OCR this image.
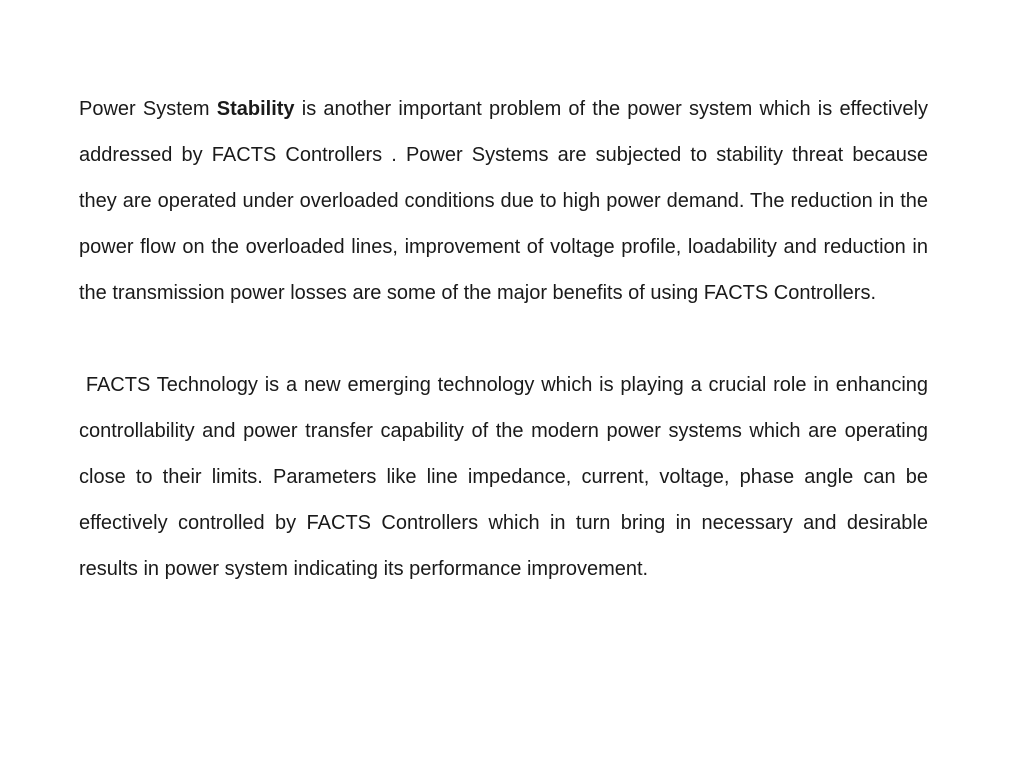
Power System Stability is another important problem of the power system which is effectively addressed by FACTS Controllers . Power Systems are subjected to stability threat because they are operated under overloaded conditions due to high power demand. The reduction in the power flow on the overloaded lines, improvement of voltage profile, loadability and reduction in the transmission power losses are some of the major benefits of using FACTS Controllers.

FACTS Technology is a new emerging technology which is playing a crucial role in enhancing controllability and power transfer capability of the modern power systems which are operating close to their limits. Parameters like line impedance, current, voltage, phase angle can be effectively controlled by FACTS Controllers which in turn bring in necessary and desirable results in power system indicating its performance improvement.
